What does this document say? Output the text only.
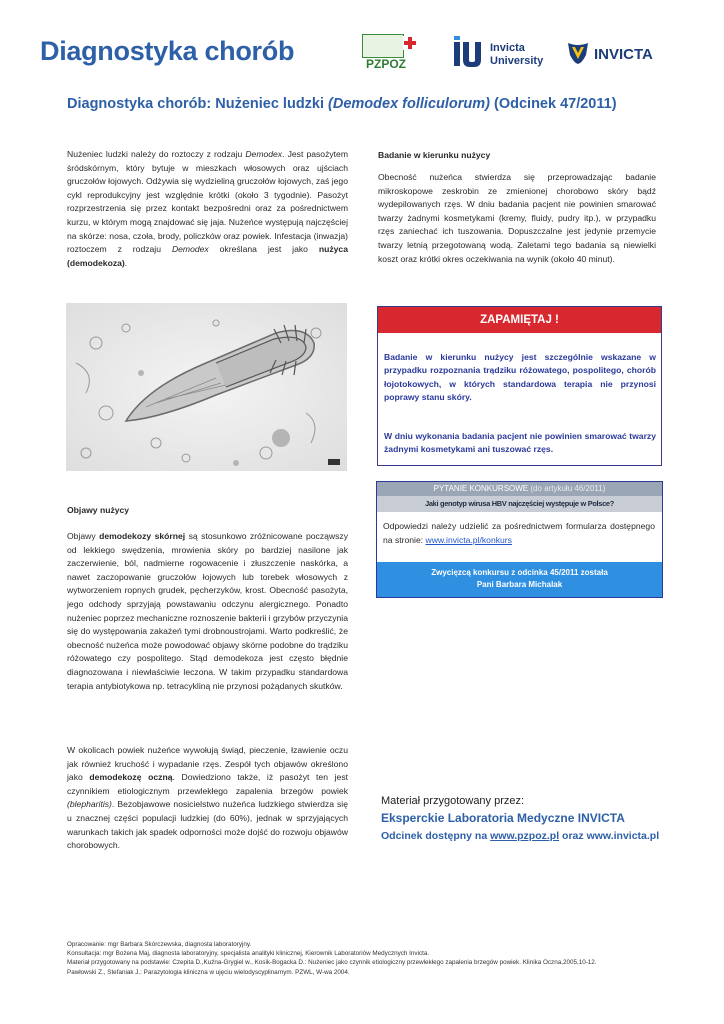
Diagnostyka chorób	PZPOZ
Invicta
University	INVICTA
Diagnostyka chorób: Nużeniec ludzki (Demodex folliculorum) (Odcinek 47/2011)
Nużeniec ludzki należy do roztoczy z rodzaju Demodex. Jest pasożytem śródskórnym, który bytuje w mieszkach włosowych oraz ujściach gruczołów łojowych. Odżywia się wydzieliną gruczołów łojowych, zaś jego cykl reprodukcyjny jest względnie krótki (około 3 tygodnie). Pasożyt rozprzestrzenia się przez kontakt bezpośredni oraz za pośrednictwem kurzu, w którym mogą znajdować się jaja. Nużeńce występują najczęściej na skórze: nosa, czoła, brody, policzków oraz powiek. Infestacja (inwazja) roztoczem z rodzaju Demodex określana jest jako nużyca (demodekoza).
Objawy nużycy
Objawy demodekozy skórnej są stosunkowo zróżnicowane począwszy od lekkiego swędzenia, mrowienia skóry po bardziej nasilone jak zaczerwienie, ból, nadmierne rogowacenie i złuszczenie naskórka, a nawet zaczopowanie gruczołów łojowych lub torebek włosowych z wytworzeniem ropnych grudek, pęcherzyków, krost. Obecność pasożyta, jego odchody sprzyjają powstawaniu odczynu alergicznego. Ponadto nużeniec poprzez mechaniczne roznoszenie bakterii i grzybów przyczynia się do występowania zakażeń tymi drobnoustrojami. Warto podkreślić, że obecność nużeńca może powodować objawy skórne podobne do trądziku różowatego czy pospolitego. Stąd demodekoza jest często błędnie diagnozowana i niewłaściwie leczona. W takim przypadku standardowa terapia antybiotykowa np. tetracykliną nie przynosi pożądanych skutków.
W okolicach powiek nużeńce wywołują świąd, pieczenie, łzawienie oczu jak również kruchość i wypadanie rzęs. Zespół tych objawów określono jako demodekozę oczną. Dowiedziono także, iż pasożyt ten jest czynnikiem etiologicznym przewlekłego zapalenia brzegów powiek (blepharitis). Bezobjawowe nosicielstwo nużeńca ludzkiego stwierdza się u znacznej części populacji ludzkiej (do 60%), jednak w sprzyjających warunkach takich jak spadek odporności może dojść do rozwoju objawów chorobowych.
Badanie w kierunku nużycy
Obecność nużeńca stwierdza się przeprowadzając badanie mikroskopowe zeskrobin ze zmienionej chorobowo skóry bądź wydepilowanych rzęs. W dniu badania pacjent nie powinien smarować twarzy żadnymi kosmetykami (kremy, fluidy, pudry itp.), w przypadku rzęs zaniechać ich tuszowania. Dopuszczalne jest jedynie przemycie twarzy letnią przegotowaną wodą. Zaletami tego badania są niewielki koszt oraz krótki okres oczekiwania na wynik (około 40 minut).
ZAPAMIĘTAJ !
Badanie w kierunku nużycy jest szczególnie wskazane w przypadku rozpoznania trądziku różowatego, pospolitego, chorób łojotokowych, w których standardowa terapia nie przynosi poprawy stanu skóry.
W dniu wykonania badania pacjent nie powinien smarować twarzy żadnymi kosmetykami ani tuszować rzęs.
PYTANIE KONKURSOWE (do artykułu 46/2011)
Jaki genotyp wirusa HBV najczęściej występuje w Polsce?
Odpowiedzi należy udzielić za pośrednictwem formularza dostępnego na stronie: www.invicta.pl/konkurs
Zwycięzcą konkursu z odcinka 45/2011 została
Pani Barbara Michalak
Materiał przygotowany przez:
Eksperckie Laboratoria Medyczne INVICTA
Odcinek dostępny na www.pzpoz.pl oraz www.invicta.pl
Opracowanie: mgr Barbara Skórczewska, diagnosta laboratoryjny.
Konsultacja: mgr Bożena Maj, diagnosta laboratoryjny, specjalista analityki klinicznej, Kierownik Laboratoriów Medycznych Invicta.
Materiał przygotowany na podstawie: Czepita D.,Kuźna-Grygiel w., Kosik-Bogacka D.: Nużeniec jako czynnik etiologiczny przewlekłego zapalenia brzegów powiek. Klinika Oczna,2005,10-12.
Pawłowski Z., Stefaniak J.: Parazytologia kliniczna w ujęciu wielodyscyplinarnym. PZWL, W-wa 2004.
